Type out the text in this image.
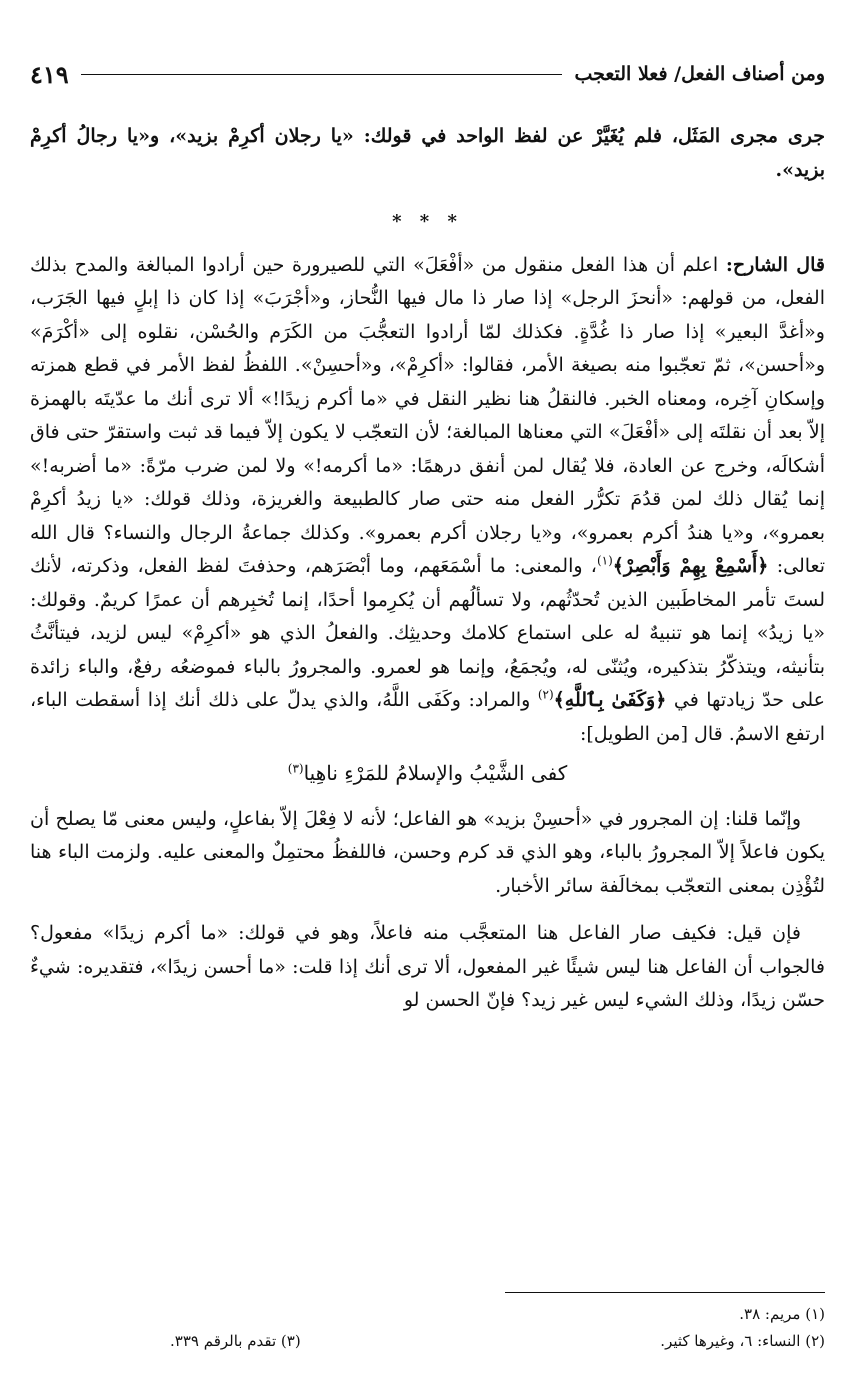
ومن أصناف الفعل/ فعلا التعجب
٤١٩

جرى مجرى المَثَل، فلم يُغَيَّرْ عن لفظ الواحد في قولك: «يا رجلان أكرِمْ بزيد»، و«يا رجالُ أكرِمْ بزيد».

* * *

قال الشارح: اعلم أن هذا الفعل منقول من «أفْعَلَ» التي للصيرورة حين أرادوا المبالغة والمدح بذلك الفعل، من قولهم: «أنحزَ الرجل» إذا صار ذا مال فيها النُّحاز، و«أجْرَبَ» إذا كان ذا إبلٍ فيها الجَرَب، و«أغدَّ البعير» إذا صار ذا غُدَّةٍ. فكذلك لمّا أرادوا التعجُّبَ من الكَرَم والحُسْن، نقلوه إلى «أكْرَمَ» و«أحسن»، ثمّ تعجّبوا منه بصيغة الأمر، فقالوا: «أكرِمْ»، و«أحسِنْ». اللفظُ لفظ الأمر في قطع همزته وإسكانِ آخِره، ومعناه الخبر. فالنقلُ هنا نظير النقل في «ما أكرم زيدًا!» ألا ترى أنك ما عدّيتَه بالهمزة إلاّ بعد أن نقلتَه إلى «أفْعَلَ» التي معناها المبالغة؛ لأن التعجّب لا يكون إلاّ فيما قد ثبت واستقرّ حتى فاق أشكالَه، وخرج عن العادة، فلا يُقال لمن أنفق درهمًا: «ما أكرمه!» ولا لمن ضرب مرّةً: «ما أضربه!» إنما يُقال ذلك لمن قدُمَ تكرُّر الفعل منه حتى صار كالطبيعة والغريزة، وذلك قولك: «يا زيدُ أكرِمْ بعمرو»، و«يا هندُ أكرم بعمرو»، و«يا رجلان أكرم بعمرو». وكذلك جماعةُ الرجال والنساء؟ قال الله تعالى: ﴿أَسْمِعْ بِهِمْ وَأَبْصِرْ﴾$^{(١)}$، والمعنى: ما أسْمَعَهم، وما أبْصَرَهم، وحذفتَ لفظ الفعل، وذكرته، لأنك لستَ تأمر المخاطَبين الذين تُحدّثُهم، ولا تسألُهم أن يُكرِموا أحدًا، إنما تُخبِرهم أن عمرًا كريمٌ. وقولك: «يا زيدُ» إنما هو تنبيهٌ له على استماع كلامك وحديثِك. والفعلُ الذي هو «أكرِمْ» ليس لزيد، فيتأنَّثُ بتأنيثه، ويتذكّرُ بتذكيره، ويُثنّى له، ويُجمَعُ، وإنما هو لعمرو. والمجرورُ بالباء فموضعُه رفعٌ، والباء زائدة على حدّ زيادتها في ﴿وَكَفَىٰ بِٱللَّهِ﴾$^{(٢)}$ والمراد: وكَفَى اللَّهُ، والذي يدلّ على ذلك أنك إذا أسقطت الباء، ارتفع الاسمُ. قال [من الطويل]:

كفى الشَّيْبُ والإسلامُ للمَرْءِ ناهِيا$^{(٣)}$

وإنّما قلنا: إن المجرور في «أحسِنْ بزيد» هو الفاعل؛ لأنه لا فِعْلَ إلاّ بفاعلٍ، وليس معنى مّا يصلح أن يكون فاعلاً إلاّ المجرورُ بالباء، وهو الذي قد كرم وحسن، فاللفظُ محتمِلٌ والمعنى عليه. ولزمت الباء هنا لتُؤْذِن بمعنى التعجّب بمخالَفة سائر الأخبار.

فإن قيل: فكيف صار الفاعل هنا المتعجَّب منه فاعلاً، وهو في قولك: «ما أكرم زيدًا» مفعول؟ فالجواب أن الفاعل هنا ليس شيئًا غير المفعول، ألا ترى أنك إذا قلت: «ما أحسن زيدًا»، فتقديره: شيءٌ حسّن زيدًا، وذلك الشيء ليس غير زيد؟ فإنّ الحسن لو

(١) مريم: ٣٨.
(٢) النساء: ٦، وغيرها كثير.
(٣) تقدم بالرقم ٣٣٩.
